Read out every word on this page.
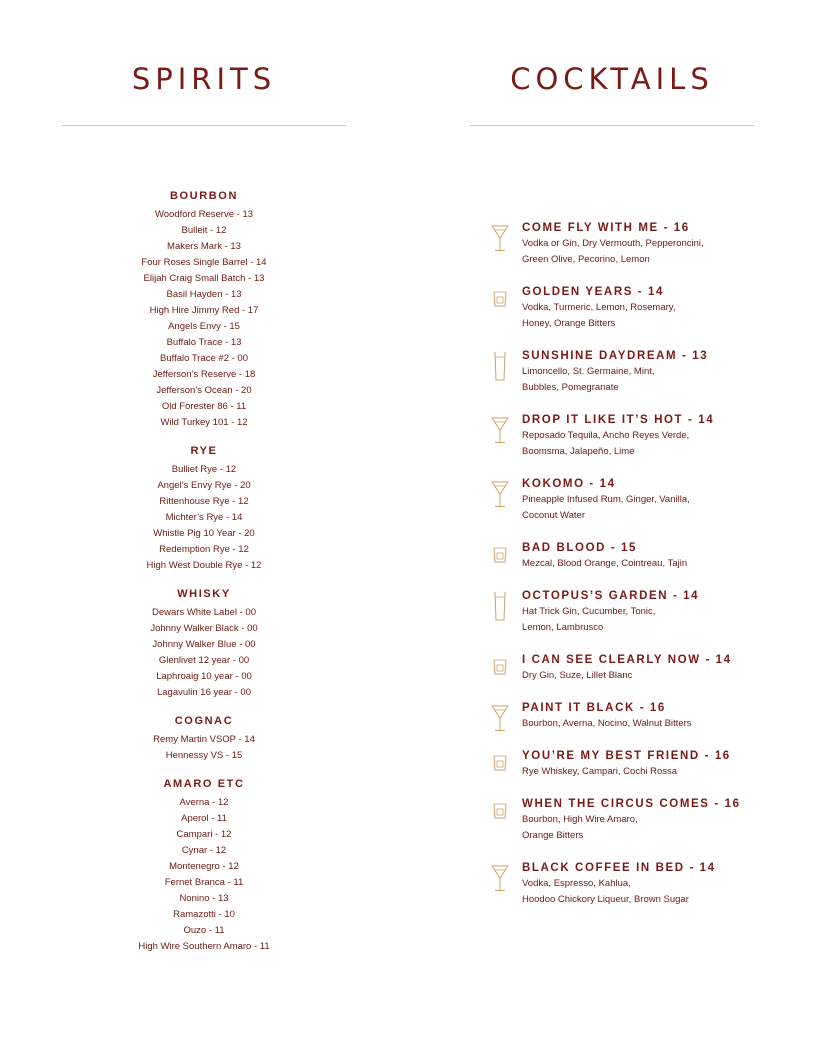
SPIRITS	COCKTAILS
BOURBON
Woodford Reserve - 13
Bulleit - 12
Makers Mark - 13
Four Roses Single Barrel - 14
Elijah Craig Small Batch - 13
Basil Hayden - 13
High Hire Jimmy Red - 17
Angels Envy - 15
Buffalo Trace - 13
Buffalo Trace #2 - 00
Jefferson’s Reserve - 18
Jefferson’s Ocean - 20
Old Forester 86 - 11
Wild Turkey 101 - 12
RYE
Bulliet Rye - 12
Angel’s Envy Rye - 20
Rittenhouse Rye - 12
Michter’s Rye - 14
Whistle Pig 10 Year - 20
Redemption Rye - 12
High West Double Rye - 12
WHISKY
Dewars White Label - 00
Johnny Walker Black - 00
Johnny Walker Blue - 00
Glenlivet 12 year - 00
Laphroaig 10 year - 00
Lagavulin 16 year - 00
COGNAC
Remy Martin VSOP - 14
Hennessy VS - 15
AMARO ETC
Averna - 12
Aperol - 11
Campari - 12
Cynar - 12
Montenegro - 12
Fernet Branca - 11
Nonino - 13
Ramazotti - 10
Ouzo - 11
High Wire Southern Amaro - 11
COME FLY WITH ME - 16
Vodka or Gin, Dry Vermouth, Pepperoncini,
Green Olive, Pecorino, Lemon
GOLDEN YEARS - 14
Vodka, Turmeric, Lemon, Rosemary,
Honey, Orange Bitters
SUNSHINE DAYDREAM - 13
Limoncello, St. Germaine, Mint,
Bubbles, Pomegranate
DROP IT LIKE IT’S HOT - 14
Reposado Tequila, Ancho Reyes Verde,
Boomsma, Jalapeño, Lime
KOKOMO - 14
Pineapple Infused Rum, Ginger, Vanilla,
Coconut Water
BAD BLOOD - 15
Mezcal, Blood Orange, Cointreau, Tajin
OCTOPUS’S GARDEN - 14
Hat Trick Gin, Cucumber, Tonic,
Lemon, Lambrusco
I CAN SEE CLEARLY NOW - 14
Dry Gin, Suze, Lillet Blanc
PAINT IT BLACK - 16
Bourbon, Averna, Nocino, Walnut Bitters
YOU’RE MY BEST FRIEND - 16
Rye Whiskey, Campari, Cochi Rossa
WHEN THE CIRCUS COMES - 16
Bourbon, High Wire Amaro,
Orange Bitters
BLACK COFFEE IN BED - 14
Vodka, Espresso, Kahlua,
Hoodoo Chickory Liqueur, Brown Sugar
